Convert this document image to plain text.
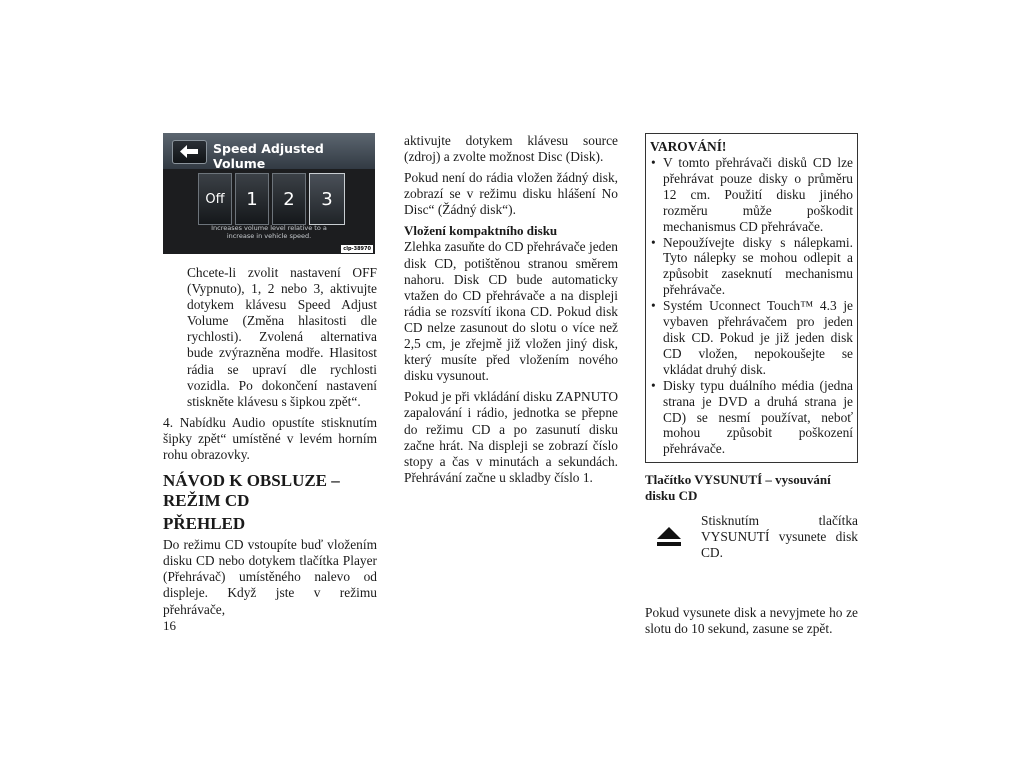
Speed Adjusted Volume
Off	1	2	3
Increases volume level relative to a
increase in vehicle speed.
clp-38970

Chcete-li zvolit nastavení OFF (Vypnuto), 1, 2 nebo 3, aktivujte dotykem klávesu Speed Adjust Volume (Změna hlasitosti dle rychlosti). Zvolená alternativa bude zvýrazněna modře. Hlasitost rádia se upraví dle rychlosti vozidla. Po dokončení nastavení stiskněte klávesu s šipkou zpět“.

4. Nabídku Audio opustíte stisknutím šipky zpět“ umístěné v levém horním rohu obrazovky.

NÁVOD K OBSLUZE – REŽIM CD
PŘEHLED

Do režimu CD vstoupíte buď vložením disku CD nebo dotykem tlačítka Player (Přehrávač) umístěného nalevo od displeje. Když jste v režimu přehrávače,

aktivujte dotykem klávesu source (zdroj) a zvolte možnost Disc (Disk).

Pokud není do rádia vložen žádný disk, zobrazí se v režimu disku hlášení No Disc“ (Žádný disk“).

Vložení kompaktního disku

Zlehka zasuňte do CD přehrávače jeden disk CD, potištěnou stranou směrem nahoru. Disk CD bude automaticky vtažen do CD přehrávače a na displeji rádia se rozsvítí ikona CD. Pokud disk CD nelze zasunout do slotu o více než 2,5 cm, je zřejmě již vložen jiný disk, který musíte před vložením nového disku vysunout.

Pokud je při vkládání disku ZAPNUTO zapalování i rádio, jednotka se přepne do režimu CD a po zasunutí disku začne hrát. Na displeji se zobrazí číslo stopy a čas v minutách a sekundách. Přehrávání začne u skladby číslo 1.

VAROVÁNÍ!
• V tomto přehrávači disků CD lze přehrávat pouze disky o průměru 12 cm. Použití disku jiného rozměru může poškodit mechanismus CD přehrávače.
• Nepoužívejte disky s nálepkami. Tyto nálepky se mohou odlepit a způsobit zaseknutí mechanismu přehrávače.
• Systém Uconnect Touch™ 4.3 je vybaven přehrávačem pro jeden disk CD. Pokud je již jeden disk CD vložen, nepokoušejte se vkládat druhý disk.
• Disky typu duálního média (jedna strana je DVD a druhá strana je CD) se nesmí používat, neboť mohou způsobit poškození přehrávače.
Tlačítko VYSUNUTÍ – vysouvání disku CD

Stisknutím tlačítka VYSUNUTÍ vysunete disk CD.

Pokud vysunete disk a nevyjmete ho ze slotu do 10 sekund, zasune se zpět.

16
